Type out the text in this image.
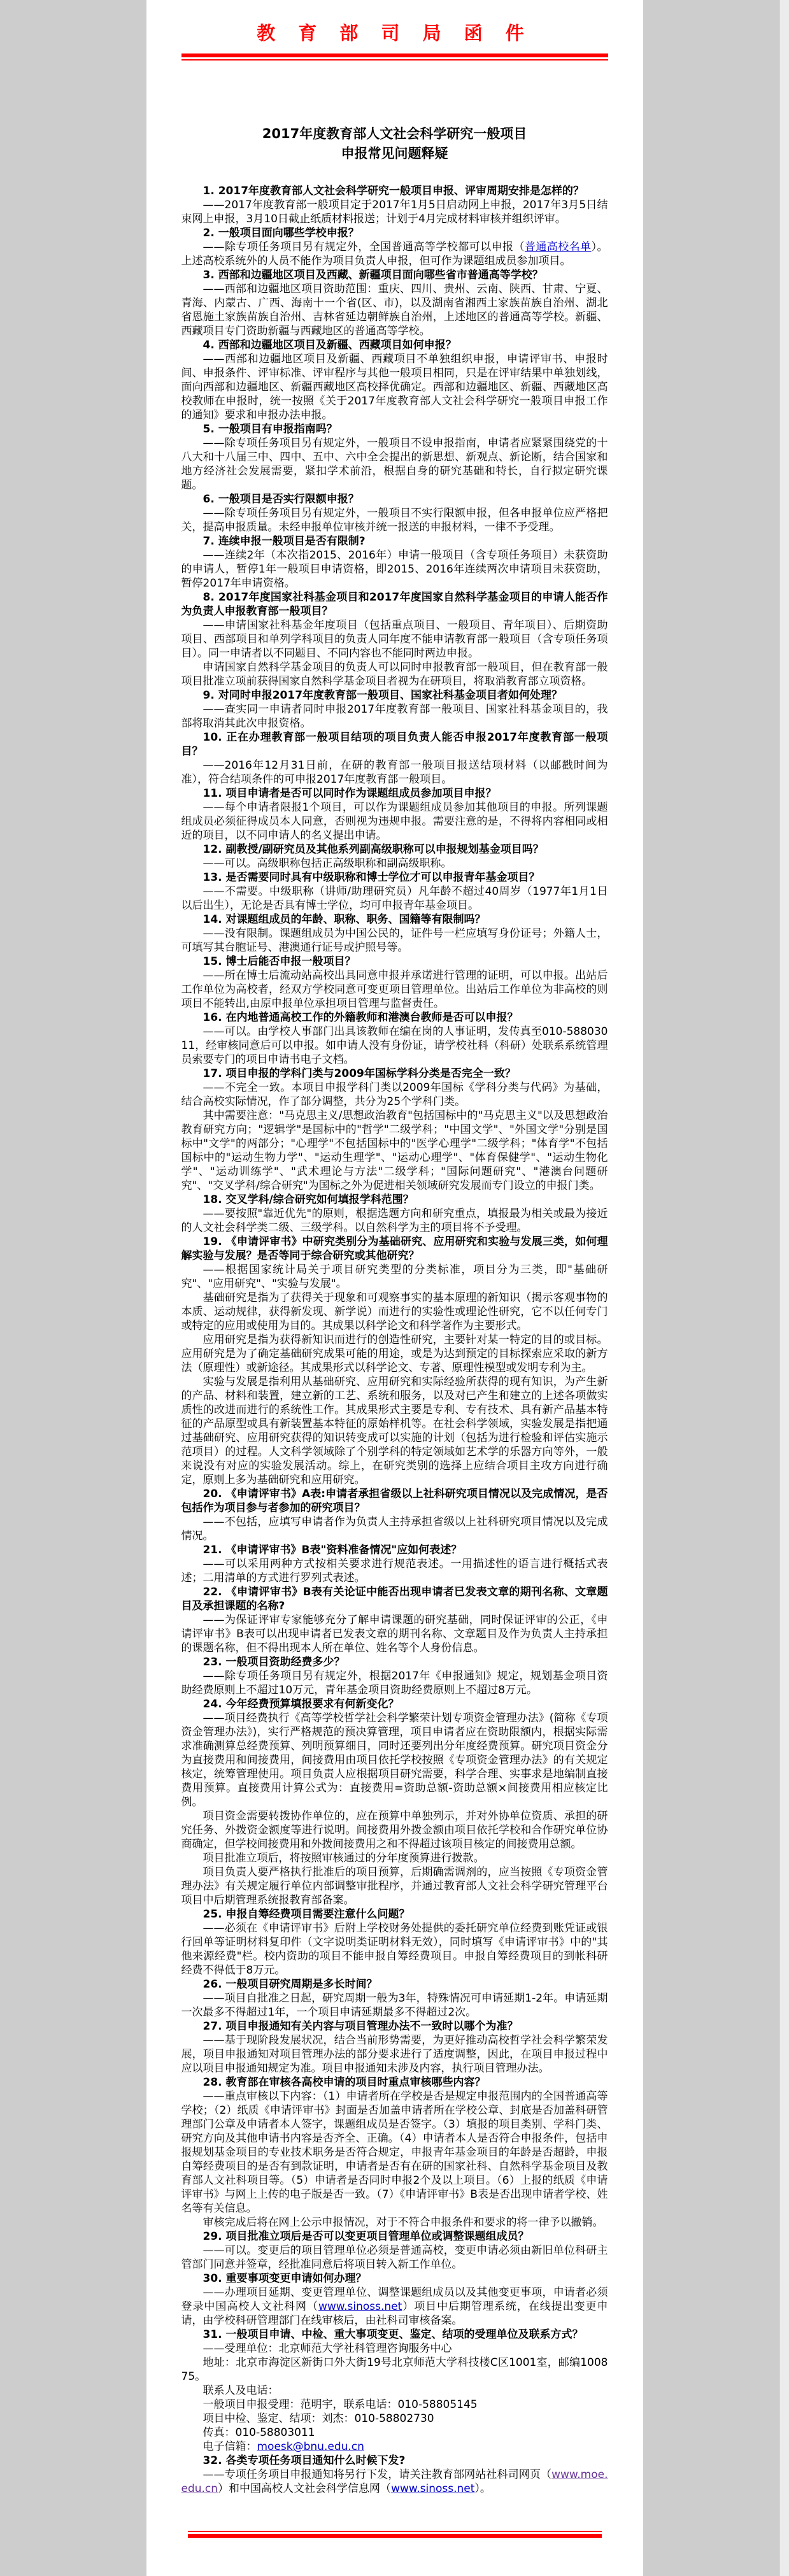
教 育 部 司 局 函 件
2017年度教育部人文社会科学研究一般项目
申报常见问题释疑

1. 2017年度教育部人文社会科学研究一般项目申报、评审周期安排是怎样的？

——2017年度教育部一般项目定于2017年1月5日启动网上申报，2017年3月5日结束网上申报，3月10日截止纸质材料报送；计划于4月完成材料审核并组织评审。

2. 一般项目面向哪些学校申报？

——除专项任务项目另有规定外，全国普通高等学校都可以申报（普通高校名单）。上述高校系统外的人员不能作为项目负责人申报，但可作为课题组成员参加项目。

3. 西部和边疆地区项目及西藏、新疆项目面向哪些省市普通高等学校？

——西部和边疆地区项目资助范围：重庆、四川、贵州、云南、陕西、甘肃、宁夏、青海、内蒙古、广西、海南十一个省(区、市)，以及湖南省湘西土家族苗族自治州、湖北省恩施土家族苗族自治州、吉林省延边朝鲜族自治州，上述地区的普通高等学校。新疆、西藏项目专门资助新疆与西藏地区的普通高等学校。

4. 西部和边疆地区项目及新疆、西藏项目如何申报？

——西部和边疆地区项目及新疆、西藏项目不单独组织申报，申请评审书、申报时间、申报条件、评审标准、评审程序与其他一般项目相同，只是在评审结果中单独划线，面向西部和边疆地区、新疆西藏地区高校择优确定。西部和边疆地区、新疆、西藏地区高校教师在申报时，统一按照《关于2017年度教育部人文社会科学研究一般项目申报工作的通知》要求和申报办法申报。

5. 一般项目有申报指南吗？

——除专项任务项目另有规定外，一般项目不设申报指南，申请者应紧紧围绕党的十八大和十八届三中、四中、五中、六中全会提出的新思想、新观点、新论断，结合国家和地方经济社会发展需要，紧扣学术前沿，根据自身的研究基础和特长，自行拟定研究课题。

6. 一般项目是否实行限额申报？

——除专项任务项目另有规定外，一般项目不实行限额申报，但各申报单位应严格把关，提高申报质量。未经申报单位审核并统一报送的申报材料，一律不予受理。

7. 连续申报一般项目是否有限制?

——连续2年（本次指2015、2016年）申请一般项目（含专项任务项目）未获资助的申请人，暂停1年一般项目申请资格，即2015、2016年连续两次申请项目未获资助，暂停2017年申请资格。

8. 2017年度国家社科基金项目和2017年度国家自然科学基金项目的申请人能否作为负责人申报教育部一般项目？

——申请国家社科基金年度项目（包括重点项目、一般项目、青年项目）、后期资助项目、西部项目和单列学科项目的负责人同年度不能申请教育部一般项目（含专项任务项目）。同一申请者以不同题目、不同内容也不能同时两边申报。

申请国家自然科学基金项目的负责人可以同时申报教育部一般项目，但在教育部一般项目批准立项前获得国家自然科学基金项目者视为在研项目，将取消教育部立项资格。

9. 对同时申报2017年度教育部一般项目、国家社科基金项目者如何处理？

——查实同一申请者同时申报2017年度教育部一般项目、国家社科基金项目的，我部将取消其此次申报资格。

10. 正在办理教育部一般项目结项的项目负责人能否申报2017年度教育部一般项目？

——2016年12月31日前，在研的教育部一般项目报送结项材料（以邮戳时间为准），符合结项条件的可申报2017年度教育部一般项目。

11. 项目申请者是否可以同时作为课题组成员参加项目申报？

——每个申请者限报1个项目，可以作为课题组成员参加其他项目的申报。所列课题组成员必须征得成员本人同意，否则视为违规申报。需要注意的是，不得将内容相同或相近的项目，以不同申请人的名义提出申请。

12. 副教授/副研究员及其他系列副高级职称可以申报规划基金项目吗？

——可以。高级职称包括正高级职称和副高级职称。

13. 是否需要同时具有中级职称和博士学位才可以申报青年基金项目？

——不需要。中级职称（讲师/助理研究员）凡年龄不超过40周岁（1977年1月1日以后出生），无论是否具有博士学位，均可申报青年基金项目。

14. 对课题组成员的年龄、职称、职务、国籍等有限制吗？

——没有限制。课题组成员为中国公民的，证件号一栏应填写身份证号；外籍人士，可填写其台胞证号、港澳通行证号或护照号等。

15. 博士后能否申报一般项目？

——所在博士后流动站高校出具同意申报并承诺进行管理的证明，可以申报。出站后工作单位为高校者，经双方学校同意可变更项目管理单位。出站后工作单位为非高校的则项目不能转出,由原申报单位承担项目管理与监督责任。

16. 在内地普通高校工作的外籍教师和港澳台教师是否可以申报？

——可以。由学校人事部门出具该教师在编在岗的人事证明，发传真至010-58803011，经审核同意后可以申报。如申请人没有身份证，请学校社科（科研）处联系系统管理员索要专门的项目申请书电子文档。

17. 项目申报的学科门类与2009年国标学科分类是否完全一致？

——不完全一致。本项目申报学科门类以2009年国标《学科分类与代码》为基础，结合高校实际情况，作了部分调整，共分为25个学科门类。

其中需要注意："马克思主义/思想政治教育"包括国标中的"马克思主义"以及思想政治教育研究方向；"逻辑学"是国标中的"哲学"二级学科；"中国文学"、"外国文学"分别是国标中"文学"的两部分；"心理学"不包括国标中的"医学心理学"二级学科；"体育学"不包括国标中的"运动生物力学"、"运动生理学"、"运动心理学"、"体育保健学"、"运动生物化学"、"运动训练学"、"武术理论与方法"二级学科；"国际问题研究"、"港澳台问题研究"、"交叉学科/综合研究"为国标之外为促进相关领域研究发展而专门设立的申报门类。

18. 交叉学科/综合研究如何填报学科范围？

——要按照"靠近优先"的原则，根据选题方向和研究重点，填报最为相关或最为接近的人文社会科学类二级、三级学科。以自然科学为主的项目将不予受理。

19. 《申请评审书》中研究类别分为基础研究、应用研究和实验与发展三类，如何理解实验与发展？是否等同于综合研究或其他研究？

——根据国家统计局关于项目研究类型的分类标准，项目分为三类，即"基础研究"、"应用研究"、"实验与发展"。

基础研究是指为了获得关于现象和可观察事实的基本原理的新知识（揭示客观事物的本质、运动规律，获得新发现、新学说）而进行的实验性或理论性研究，它不以任何专门或特定的应用或使用为目的。其成果以科学论文和科学著作为主要形式。

应用研究是指为获得新知识而进行的创造性研究，主要针对某一特定的目的或目标。应用研究是为了确定基础研究成果可能的用途，或是为达到预定的目标探索应采取的新方法（原理性）或新途径。其成果形式以科学论文、专著、原理性模型或发明专利为主。

实验与发展是指利用从基础研究、应用研究和实际经验所获得的现有知识，为产生新的产品、材料和装置，建立新的工艺、系统和服务，以及对已产生和建立的上述各项做实质性的改进而进行的系统性工作。其成果形式主要是专利、专有技术、具有新产品基本特征的产品原型或具有新装置基本特征的原始样机等。在社会科学领域，实验发展是指把通过基础研究、应用研究获得的知识转变成可以实施的计划（包括为进行检验和评估实施示范项目）的过程。人文科学领域除了个别学科的特定领域如艺术学的乐器方向等外，一般来说没有对应的实验发展活动。综上，在研究类别的选择上应结合项目主攻方向进行确定，原则上多为基础研究和应用研究。

20. 《申请评审书》A表:申请者承担省级以上社科研究项目情况以及完成情况，是否包括作为项目参与者参加的研究项目？

——不包括，应填写申请者作为负责人主持承担省级以上社科研究项目情况以及完成情况。

21. 《申请评审书》B表"资料准备情况"应如何表述？

——可以采用两种方式按相关要求进行规范表述。一用描述性的语言进行概括式表述；二用清单的方式进行罗列式表述。

22. 《申请评审书》B表有关论证中能否出现申请者已发表文章的期刊名称、文章题目及承担课题的名称?

——为保证评审专家能够充分了解申请课题的研究基础，同时保证评审的公正，《申请评审书》B表可以出现申请者已发表文章的期刊名称、文章题目及作为负责人主持承担的课题名称，但不得出现本人所在单位、姓名等个人身份信息。

23. 一般项目资助经费多少？

——除专项任务项目另有规定外，根据2017年《申报通知》规定，规划基金项目资助经费原则上不超过10万元，青年基金项目资助经费原则上不超过8万元。

24. 今年经费预算填报要求有何新变化？

——项目经费执行《高等学校哲学社会科学繁荣计划专项资金管理办法》(简称《专项资金管理办法》)，实行严格规范的预决算管理，项目申请者应在资助限额内，根据实际需求准确测算总经费预算、列明预算细目，同时还要列出分年度经费预算。研究项目资金分为直接费用和间接费用，间接费用由项目依托学校按照《专项资金管理办法》的有关规定核定，统筹管理使用。项目负责人应根据项目研究需要，科学合理、实事求是地编制直接费用预算。直接费用计算公式为：直接费用=资助总额-资助总额×间接费用相应核定比例。

项目资金需要转拨协作单位的，应在预算中单独列示，并对外协单位资质、承担的研究任务、外拨资金额度等进行说明。间接费用外拨金额由项目依托学校和合作研究单位协商确定，但学校间接费用和外拨间接费用之和不得超过该项目核定的间接费用总额。

项目批准立项后，将按照审核通过的分年度预算进行拨款。

项目负责人要严格执行批准后的项目预算，后期确需调剂的，应当按照《专项资金管理办法》有关规定履行单位内部调整审批程序，并通过教育部人文社会科学研究管理平台项目中后期管理系统报教育部备案。

25. 申报自筹经费项目需要注意什么问题？

——必须在《申请评审书》后附上学校财务处提供的委托研究单位经费到账凭证或银行回单等证明材料复印件（文字说明类证明材料无效），同时填写《申请评审书》中的"其他来源经费"栏。校内资助的项目不能申报自筹经费项目。申报自筹经费项目的到帐科研经费不得低于8万元。

26. 一般项目研究周期是多长时间？

——项目自批准之日起，研究周期一般为3年，特殊情况可申请延期1-2年。申请延期一次最多不得超过1年，一个项目申请延期最多不得超过2次。

27. 项目申报通知有关内容与项目管理办法不一致时以哪个为准？

——基于现阶段发展状况，结合当前形势需要，为更好推动高校哲学社会科学繁荣发展，项目申报通知对项目管理办法的部分要求进行了适度调整，因此，在项目申报过程中应以项目申报通知规定为准。项目申报通知未涉及内容，执行项目管理办法。

28. 教育部在审核各高校申请的项目时重点审核哪些内容？

——重点审核以下内容：（1）申请者所在学校是否是规定申报范围内的全国普通高等学校；（2）纸质《申请评审书》封面是否加盖申请者所在学校公章、封底是否加盖科研管理部门公章及申请者本人签字，课题组成员是否签字。（3）填报的项目类别、学科门类、研究方向及其他申请书内容是否齐全、正确。（4）申请者本人是否符合申报条件，包括申报规划基金项目的专业技术职务是否符合规定，申报青年基金项目的年龄是否超龄，申报自筹经费项目的是否有到款证明，申请者是否有在研的国家社科、自然科学基金项目及教育部人文社科项目等。（5）申请者是否同时申报2个及以上项目。（6）上报的纸质《申请评审书》与网上上传的电子版是否一致。（7）《申请评审书》B表是否出现申请者学校、姓名等有关信息。

审核完成后将在网上公示申报情况，对于不符合申报条件和要求的将一律予以撤销。

29. 项目批准立项后是否可以变更项目管理单位或调整课题组成员？

——可以。变更后的项目管理单位必须是普通高校，变更申请必须由新旧单位科研主管部门同意并签章，经批准同意后将项目转入新工作单位。

30. 重要事项变更申请如何办理？

——办理项目延期、变更管理单位、调整课题组成员以及其他变更事项，申请者必须登录中国高校人文社科网（www.sinoss.net）项目中后期管理系统，在线提出变更申请，由学校科研管理部门在线审核后，由社科司审核备案。

31. 一般项目申请、中检、重大事项变更、鉴定、结项的受理单位及联系方式？

——受理单位：北京师范大学社科管理咨询服务中心

地址：北京市海淀区新街口外大街19号北京师范大学科技楼C区1001室，邮编100875。

联系人及电话：

一般项目申报受理：范明宇，联系电话：010-58805145

项目中检、鉴定、结项：刘杰：010-58802730

传真：010-58803011

电子信箱：moesk@bnu.edu.cn

32. 各类专项任务项目通知什么时候下发?

——专项任务项目申报通知将另行下发，请关注教育部网站社科司网页（www.moe.edu.cn）和中国高校人文社会科学信息网（www.sinoss.net）。
